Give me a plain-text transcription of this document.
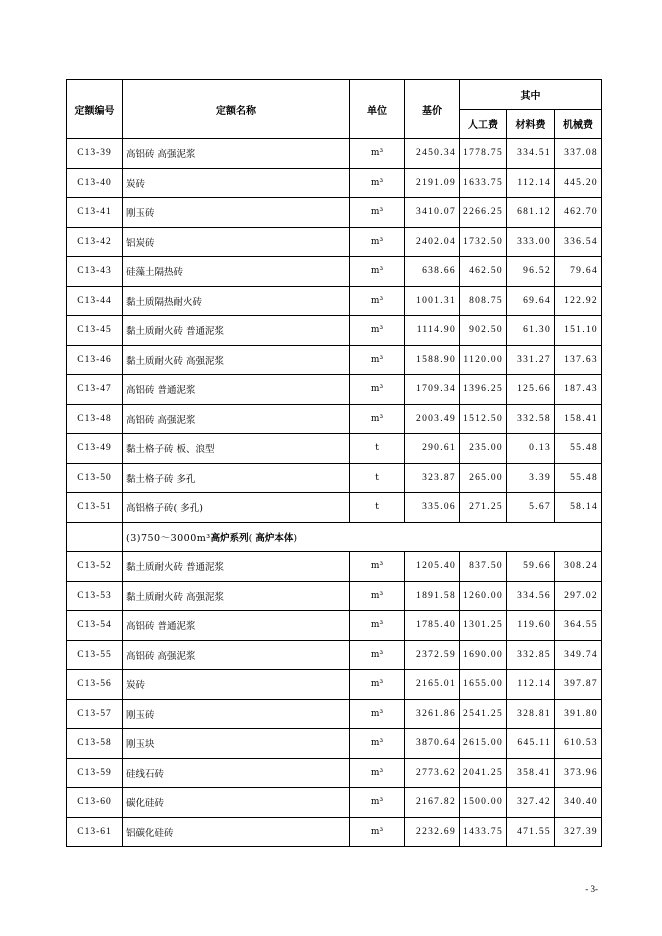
定额编号	定额名称	单位	基价	其中		
				人工费	材料费	机械费
C13-39	高铝砖 高强泥浆	m³	2450.34	1778.75	334.51	337.08
C13-40	炭砖	m³	2191.09	1633.75	112.14	445.20
C13-41	刚玉砖	m³	3410.07	2266.25	681.12	462.70
C13-42	铝炭砖	m³	2402.04	1732.50	333.00	336.54
C13-43	硅藻土隔热砖	m³	638.66	462.50	96.52	79.64
C13-44	黏土质隔热耐火砖	m³	1001.31	808.75	69.64	122.92
C13-45	黏土质耐火砖 普通泥浆	m³	1114.90	902.50	61.30	151.10
C13-46	黏土质耐火砖 高强泥浆	m³	1588.90	1120.00	331.27	137.63
C13-47	高铝砖 普通泥浆	m³	1709.34	1396.25	125.66	187.43
C13-48	高铝砖 高强泥浆	m³	2003.49	1512.50	332.58	158.41
C13-49	黏土格子砖 板、浪型	t	290.61	235.00	0.13	55.48
C13-50	黏土格子砖 多孔	t	323.87	265.00	3.39	55.48
C13-51	高铝格子砖( 多孔)	t	335.06	271.25	5.67	58.14
	(3)750～3000m³高炉系列( 高炉本体)					
C13-52	黏土质耐火砖 普通泥浆	m³	1205.40	837.50	59.66	308.24
C13-53	黏土质耐火砖 高强泥浆	m³	1891.58	1260.00	334.56	297.02
C13-54	高铝砖 普通泥浆	m³	1785.40	1301.25	119.60	364.55
C13-55	高铝砖 高强泥浆	m³	2372.59	1690.00	332.85	349.74
C13-56	炭砖	m³	2165.01	1655.00	112.14	397.87
C13-57	刚玉砖	m³	3261.86	2541.25	328.81	391.80
C13-58	刚玉块	m³	3870.64	2615.00	645.11	610.53
C13-59	硅线石砖	m³	2773.62	2041.25	358.41	373.96
C13-60	碳化硅砖	m³	2167.82	1500.00	327.42	340.40
C13-61	铝碳化硅砖	m³	2232.69	1433.75	471.55	327.39
- 3-
